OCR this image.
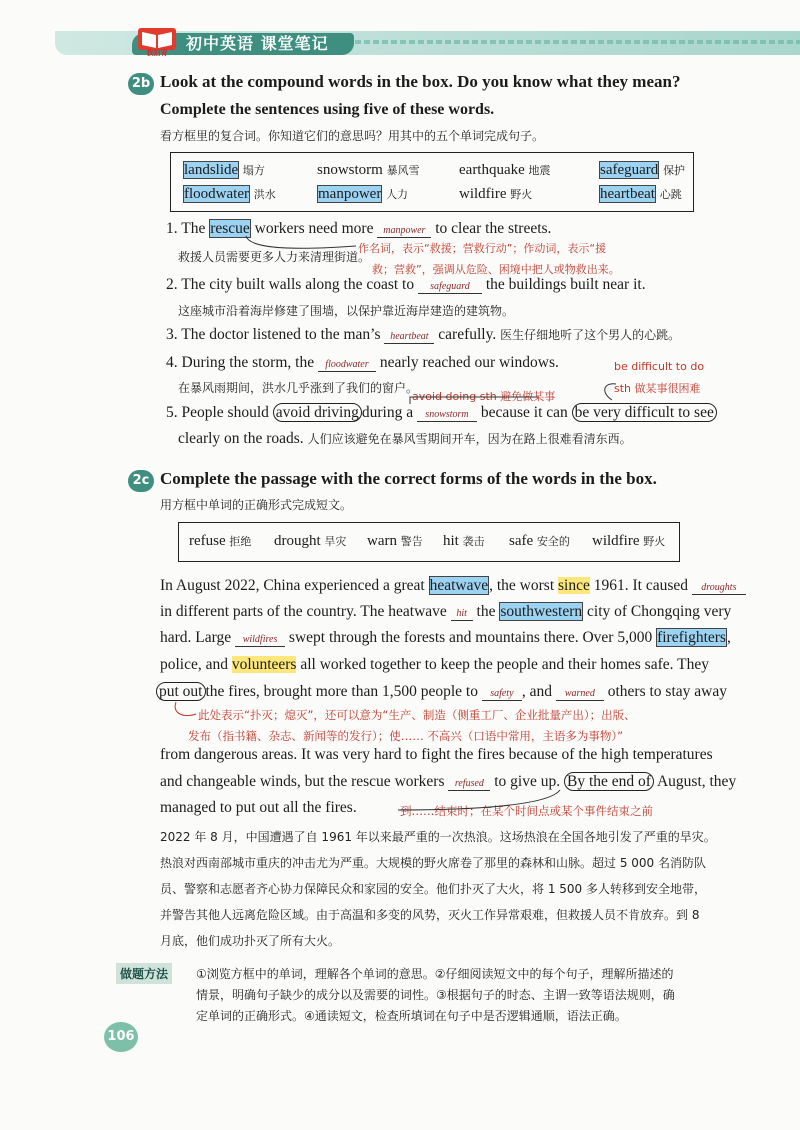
我拍背	初中英语 课堂笔记
2b Look at the compound words in the box. Do you know what they mean?
Complete the sentences using five of these words.
看方框里的复合词。你知道它们的意思吗？用其中的五个单词完成句子。
landslide 塌方	snowstorm 暴风雪	earthquake 地震	safeguard 保护
floodwater 洪水	manpower 人力	wildfire 野火	heartbeat 心跳
1. The rescue workers need more manpower to clear the streets.
救援人员需要更多人力来清理街道。
作名词，表示“救援；营救行动”；作动词，表示“援
救；营救”，强调从危险、困境中把人或物救出来。
2. The city built walls along the coast to safeguard the buildings built near it.
这座城市沿着海岸修建了围墙，以保护靠近海岸建造的建筑物。
3. The doctor listened to the man’s heartbeat carefully. 医生仔细地听了这个男人的心跳。
4. During the storm, the floodwater nearly reached our windows.
在暴风雨期间，洪水几乎涨到了我们的窗户。
be difficult to do
sth 做某事很困难
avoid doing sth 避免做某事
5. People should avoid driving during a snowstorm because it can be very difficult to see
clearly on the roads. 人们应该避免在暴风雪期间开车，因为在路上很难看清东西。
2c Complete the passage with the correct forms of the words in the box.
用方框中单词的正确形式完成短文。
refuse 拒绝 drought 旱灾 warn 警告 hit 袭击 safe 安全的 wildfire 野火
In August 2022, China experienced a great heatwave, the worst since 1961. It caused droughts
in different parts of the country. The heatwave hit the southwestern city of Chongqing very
hard. Large wildfires swept through the forests and mountains there. Over 5,000 firefighters,
police, and volunteers all worked together to keep the people and their homes safe. They
put out the fires, brought more than 1,500 people to safety , and warned others to stay away
此处表示“扑灭；熄灭”，还可以意为“生产、制造（侧重工厂、企业批量产出）；出版、
发布（指书籍、杂志、新闻等的发行）；使…… 不高兴（口语中常用，主语多为事物）”
from dangerous areas. It was very hard to fight the fires because of the high temperatures
and changeable winds, but the rescue workers refused to give up. By the end of August, they
managed to put out all the fires.	到……结束时；在某个时间点或某个事件结束之前
2022 年 8 月，中国遭遇了自 1961 年以来最严重的一次热浪。这场热浪在全国各地引发了严重的旱灾。
热浪对西南部城市重庆的冲击尤为严重。大规模的野火席卷了那里的森林和山脉。超过 5 000 名消防队
员、警察和志愿者齐心协力保障民众和家园的安全。他们扑灭了大火，将 1 500 多人转移到安全地带，
并警告其他人远离危险区域。由于高温和多变的风势，灭火工作异常艰难，但救援人员不肯放弃。到 8
月底，他们成功扑灭了所有大火。
做题方法	①浏览方框中的单词，理解各个单词的意思。②仔细阅读短文中的每个句子，理解所描述的
情景，明确句子缺少的成分以及需要的词性。③根据句子的时态、主谓一致等语法规则，确
定单词的正确形式。④通读短文，检查所填词在句子中是否逻辑通顺，语法正确。
106
